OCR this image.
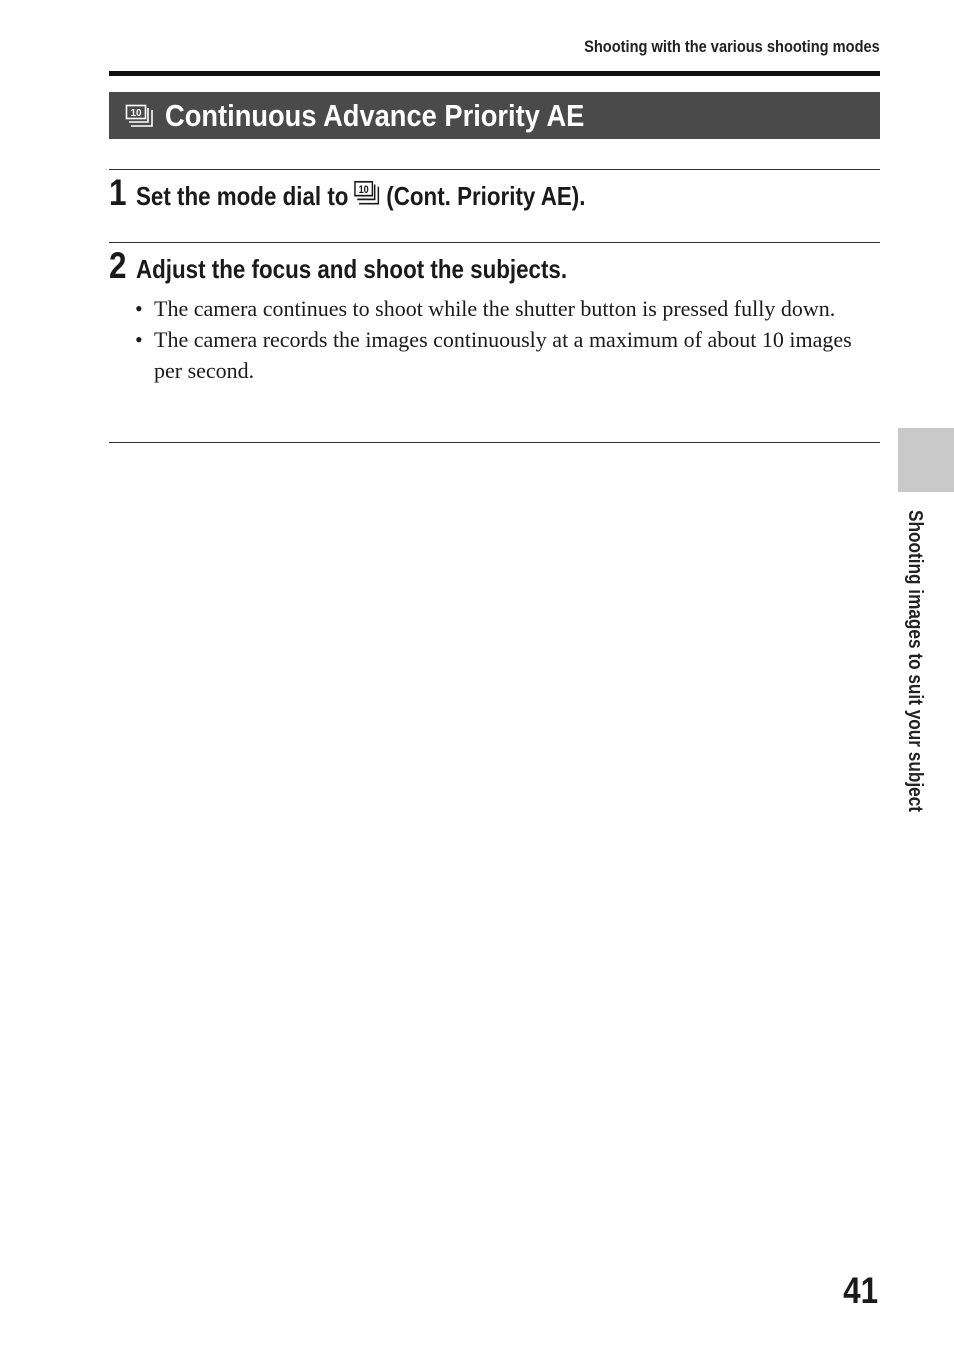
Shooting with the various shooting modes
10 Continuous Advance Priority AE
1 Set the mode dial to 10 (Cont. Priority AE).
2 Adjust the focus and shoot the subjects.
• The camera continues to shoot while the shutter button is pressed fully down.
• The camera records the images continuously at a maximum of about 10 images per second.
Shooting images to suit your subject
41
